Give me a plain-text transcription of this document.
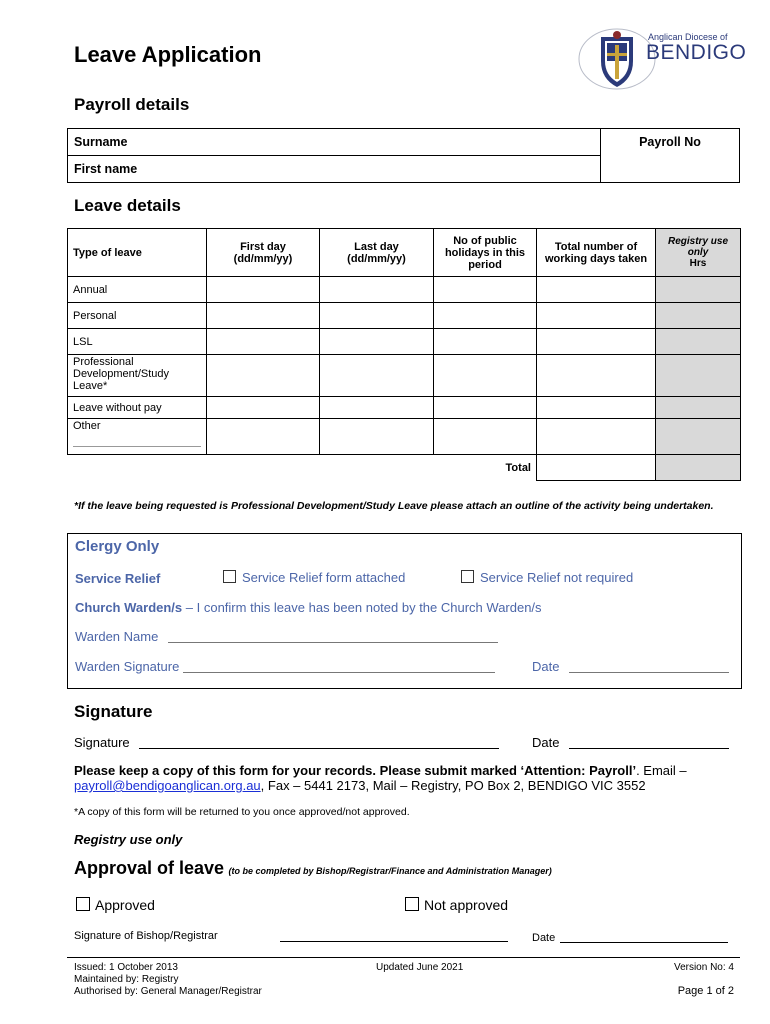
Leave Application
Anglican Diocese of
BENDIGO
Payroll details
Surname	Payroll No
First name
Leave details
Type of leave	First day (dd/mm/yy)	Last day (dd/mm/yy)	No of public holidays in this period	Total number of working days taken	Registry use only
Hrs
Annual					
Personal					
LSL					
Professional Development/Study Leave*					
Leave without pay					
Other

Total					
*If the leave being requested is Professional Development/Study Leave please attach an outline of the activity being undertaken.
Clergy Only
Service Relief	Service Relief form attached	Service Relief not required
Church Warden/s – I confirm this leave has been noted by the Church Warden/s
Warden Name
Warden Signature	Date
Signature
Signature	Date
Please keep a copy of this form for your records. Please submit marked ‘Attention: Payroll’. Email – payroll@bendigoanglican.org.au, Fax – 5441 2173, Mail – Registry, PO Box 2, BENDIGO VIC 3552
*A copy of this form will be returned to you once approved/not approved.
Registry use only
Approval of leave (to be completed by Bishop/Registrar/Finance and Administration Manager)
Approved	Not approved
Signature of Bishop/Registrar	Date
Issued: 1 October 2013
Maintained by: Registry
Authorised by: General Manager/Registrar
Updated June 2021	Version No: 4
Page 1 of 2
